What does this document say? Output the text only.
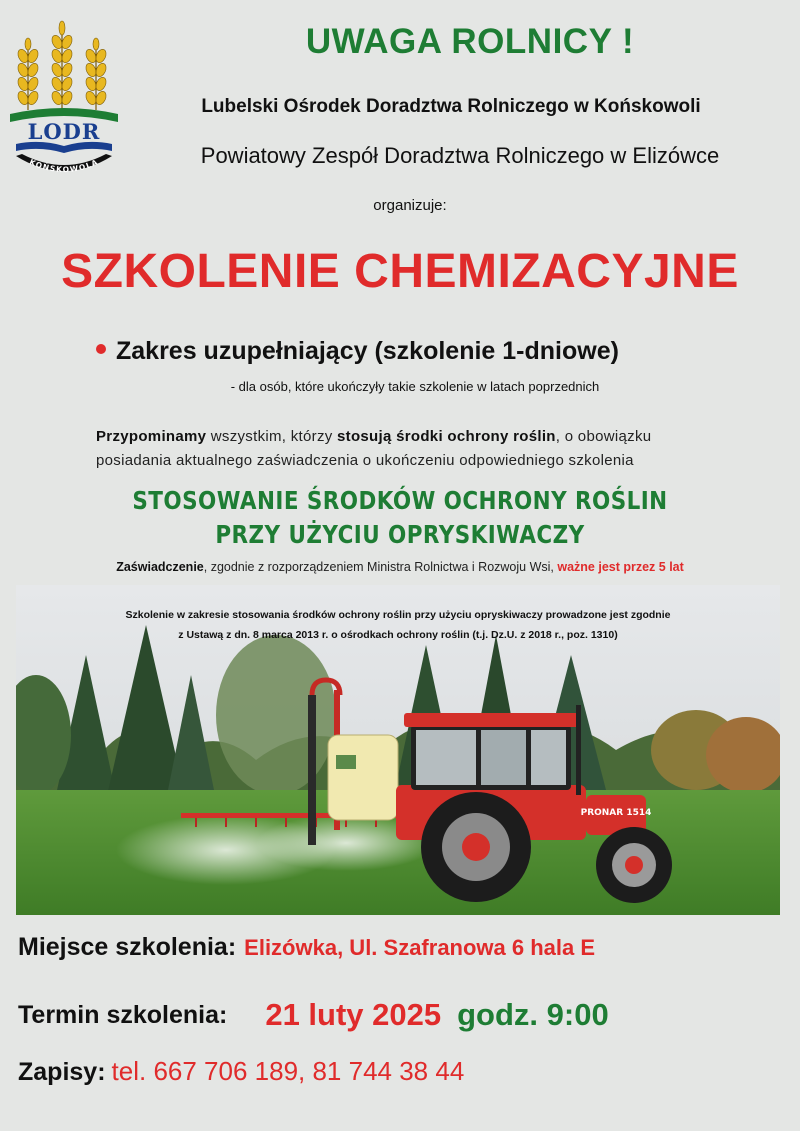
LODR
KOŃSKOWOLA
UWAGA ROLNICY !
Lubelski Ośrodek Doradztwa Rolniczego w Końskowoli
Powiatowy Zespół Doradztwa Rolniczego w Elizówce
organizuje:
SZKOLENIE CHEMIZACYJNE
Zakres uzupełniający (szkolenie 1-dniowe)
- dla osób, które ukończyły takie szkolenie w latach poprzednich
Przypominamy wszystkim, którzy stosują środki ochrony roślin, o obowiązku posiadania aktualnego zaświadczenia o ukończeniu odpowiedniego szkolenia
STOSOWANIE ŚRODKÓW OCHRONY ROŚLIN
PRZY UŻYCIU OPRYSKIWACZY
Zaświadczenie, zgodnie z rozporządzeniem Ministra Rolnictwa i Rozwoju Wsi, ważne jest przez 5 lat
PRONAR 1514
Szkolenie w zakresie stosowania środków ochrony roślin przy użyciu opryskiwaczy prowadzone jest zgodnie
z Ustawą z dn. 8 marca 2013 r. o ośrodkach ochrony roślin (t.j. Dz.U. z 2018 r., poz. 1310)
Miejsce szkolenia: Elizówka, Ul. Szafranowa 6 hala E
Termin szkolenia: 21 luty 2025 godz. 9:00
Zapisy: tel. 667 706 189, 81 744 38 44
